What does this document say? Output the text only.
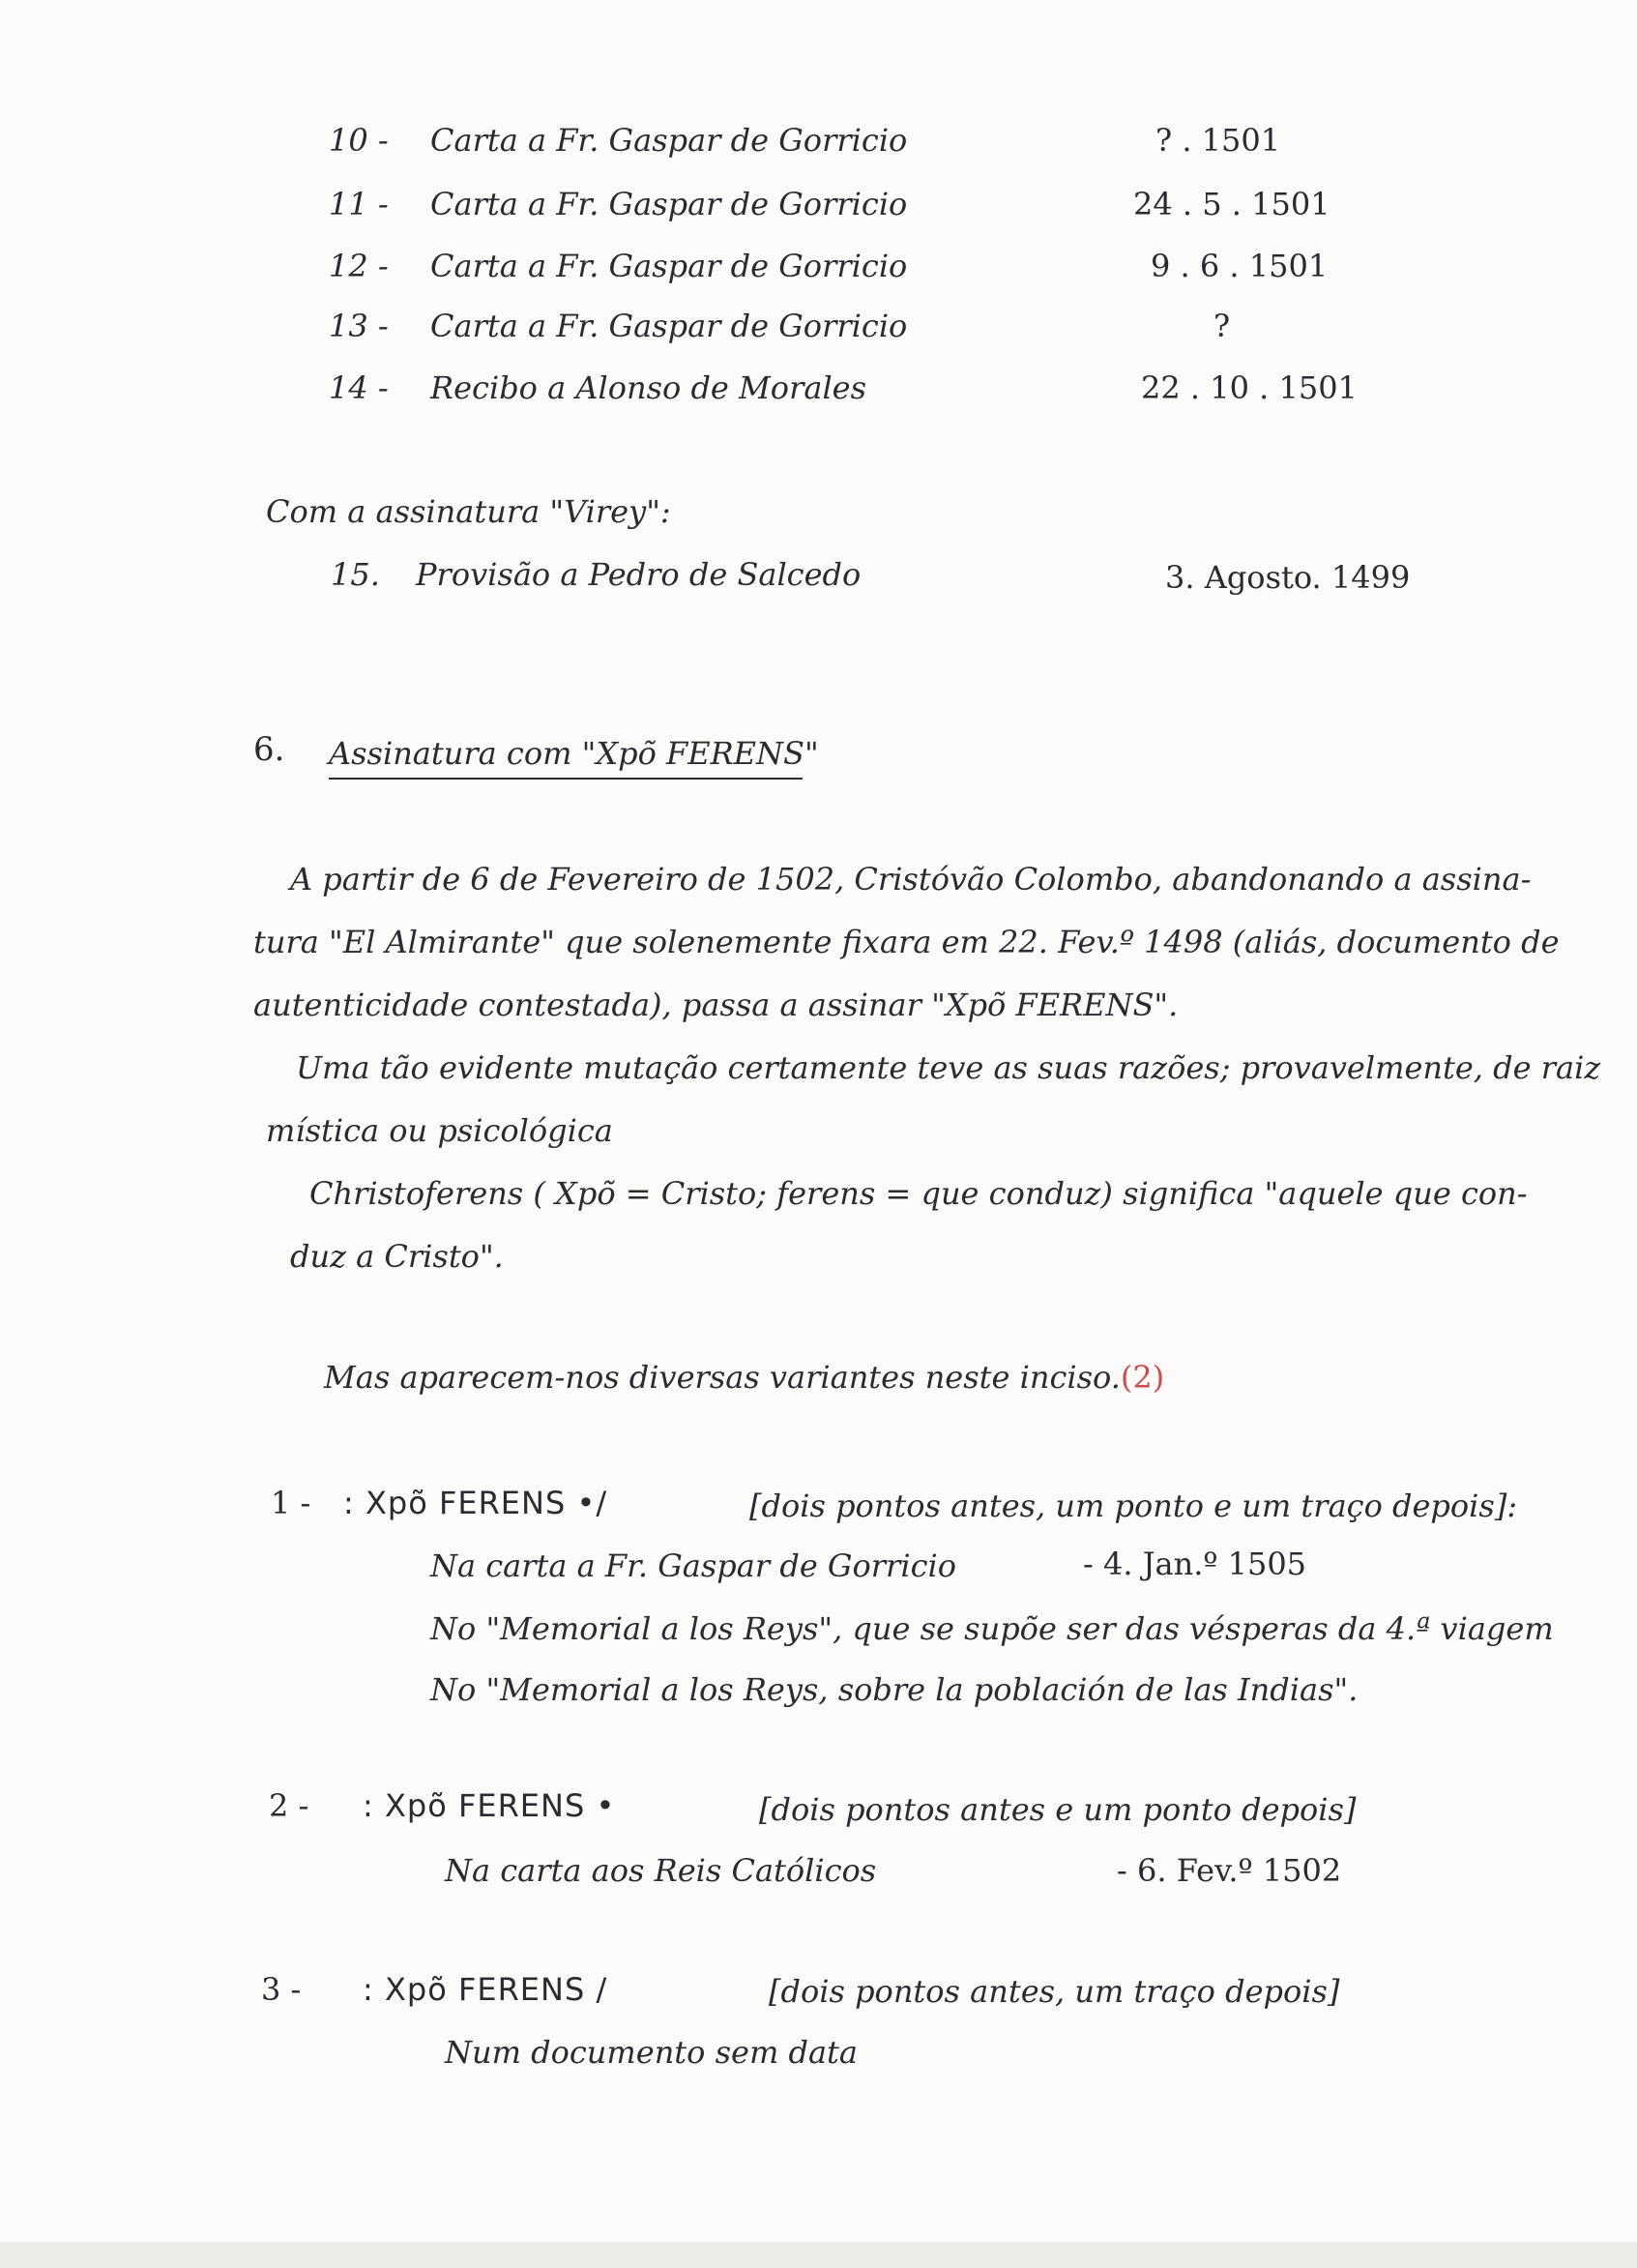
10 - Carta a Fr. Gaspar de Gorricio	? . 1501
11 - Carta a Fr. Gaspar de Gorricio	24 . 5 . 1501
12 - Carta a Fr. Gaspar de Gorricio	9 . 6 . 1501
13 - Carta a Fr. Gaspar de Gorricio	?
14 - Recibo a Alonso de Morales	22 . 10 . 1501
Com a assinatura "Virey":
15. Provisão a Pedro de Salcedo	3. Agosto. 1499
6. Assinatura com "Xpõ FERENS"
A partir de 6 de Fevereiro de 1502, Cristóvão Colombo, abandonando a assina-
tura "El Almirante" que solenemente fixara em 22. Fev.º 1498 (aliás, documento de
autenticidade contestada), passa a assinar "Xpõ FERENS".
Uma tão evidente mutação certamente teve as suas razões; provavelmente, de raiz
mística ou psicológica
Christoferens ( Xpõ = Cristo; ferens = que conduz) significa "aquele que con-
duz a Cristo".
Mas aparecem-nos diversas variantes neste inciso.(2)
1 - : Xpõ FERENS •/	[dois pontos antes, um ponto e um traço depois]:
Na carta a Fr. Gaspar de Gorricio	- 4. Jan.º 1505
No "Memorial a los Reys", que se supõe ser das vésperas da 4.ª viagem
No "Memorial a los Reys, sobre la población de las Indias".
2 - : Xpõ FERENS •	[dois pontos antes e um ponto depois]
Na carta aos Reis Católicos	- 6. Fev.º 1502
3 - : Xpõ FERENS /	[dois pontos antes, um traço depois]
Num documento sem data
